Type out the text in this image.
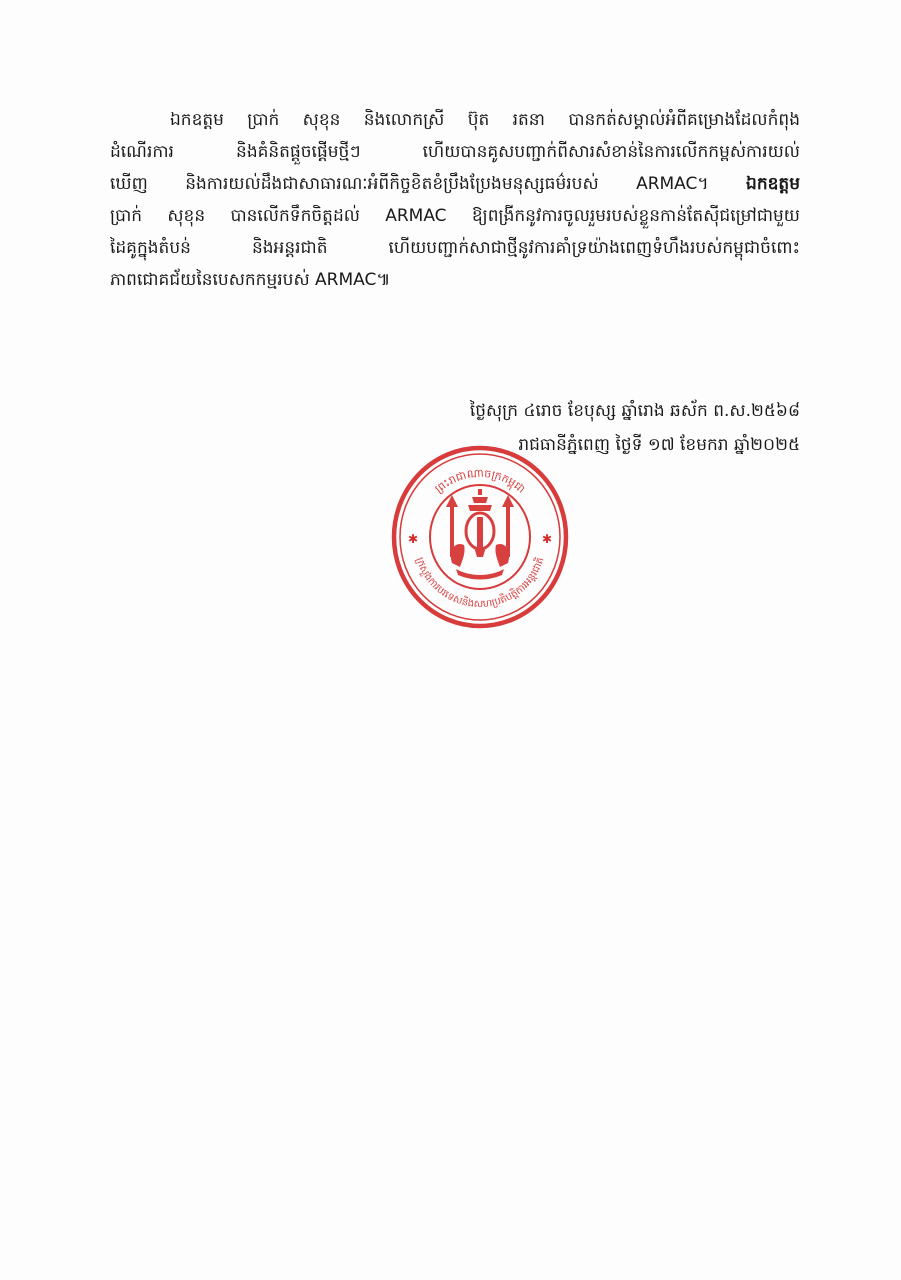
ឯកឧត្តម ប្រាក់ សុខុន និងលោកស្រី ប៊ុត រតនា បានកត់សម្គាល់អំពីគម្រោងដែលកំពុង
ដំណើរការ និងគំនិតផ្តួចផ្តើមថ្មីៗ ហើយបានគូសបញ្ជាក់ពីសារសំខាន់នៃការលើកកម្ពស់ការយល់
ឃើញ និងការយល់ដឹងជាសាធារណៈអំពីកិច្ចខិតខំប្រឹងប្រែងមនុស្សធម៌របស់ ARMAC។ ឯកឧត្តម
ប្រាក់ សុខុន បានលើកទឹកចិត្តដល់ ARMAC ឱ្យពង្រីកនូវការចូលរួមរបស់ខ្លួនកាន់តែស៊ីជម្រៅជាមួយ
ដៃគូក្នុងតំបន់ និងអន្តរជាតិ ហើយបញ្ជាក់សាជាថ្មីនូវការគាំទ្រយ៉ាងពេញទំហឹងរបស់កម្ពុជាចំពោះ
ភាពជោគជ័យនៃបេសកកម្មរបស់ ARMAC៕
ថ្ងៃសុក្រ ៤រោច ខែបុស្ស ឆ្នាំរោង ឆស័ក ព.ស.២៥៦៨
រាជធានីភ្នំពេញ ថ្ងៃទី ១៧ ខែមករា ឆ្នាំ២០២៥
ព្រះរាជាណាចក្រកម្ពុជា
ក្រសួងការបរទេសនិងសហប្រតិបត្តិការអន្តរជាតិ
✱	✱
